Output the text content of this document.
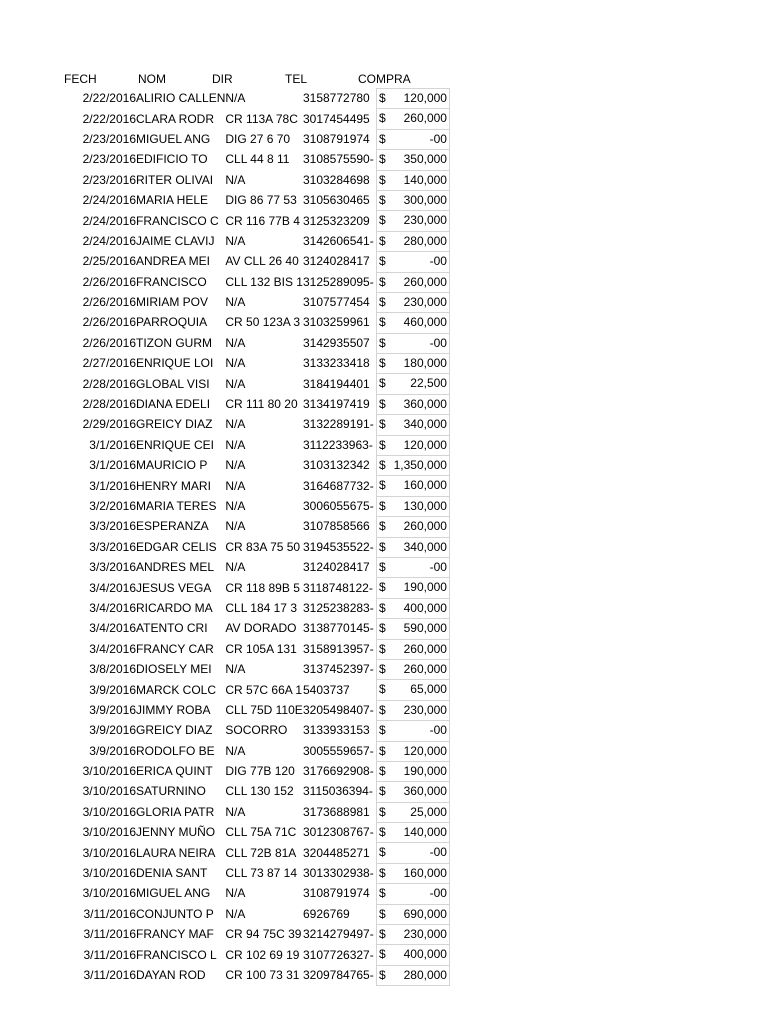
FECH	NOM	DIR	TEL	COMPRA
2/22/2016	ALIRIO CALLEN	N/A	3158772780	$ 120,000

2/22/2016	CLARA RODR	CR 113A 78C	3017454495	$ 260,000

2/23/2016	MIGUEL ANG	DIG 27 6 70	3108791974	$ -00

2/23/2016	EDIFICIO TO	CLL 44 8 11	3108575590-	$ 350,000

2/23/2016	RITER OLIVAI	N/A	3103284698	$ 140,000

2/24/2016	MARIA HELE	DIG 86 77 53	3105630465	$ 300,000

2/24/2016	FRANCISCO C	CR 116 77B 4	3125323209	$ 230,000

2/24/2016	JAIME CLAVIJ	N/A	3142606541-	$ 280,000

2/25/2016	ANDREA MEI	AV CLL 26 40	3124028417	$ -00

2/26/2016	FRANCISCO	CLL 132 BIS 1	3125289095-	$ 260,000

2/26/2016	MIRIAM POV	N/A	3107577454	$ 230,000

2/26/2016	PARROQUIA	CR 50 123A 3	3103259961	$ 460,000

2/26/2016	TIZON GURM	N/A	3142935507	$ -00

2/27/2016	ENRIQUE LOI	N/A	3133233418	$ 180,000

2/28/2016	GLOBAL VISI	N/A	3184194401	$ 22,500

2/28/2016	DIANA EDELI	CR 111 80 20	3134197419	$ 360,000

2/29/2016	GREICY DIAZ	N/A	3132289191-	$ 340,000

3/1/2016	ENRIQUE CEI	N/A	3112233963-	$ 120,000

3/1/2016	MAURICIO P	N/A	3103132342	$ 1,350,000

3/1/2016	HENRY MARI	N/A	3164687732-	$ 160,000

3/2/2016	MARIA TERES	N/A	3006055675-	$ 130,000

3/3/2016	ESPERANZA	N/A	3107858566	$ 260,000

3/3/2016	EDGAR CELIS	CR 83A 75 50	3194535522-	$ 340,000

3/3/2016	ANDRES MEL	N/A	3124028417	$ -00

3/4/2016	JESUS VEGA	CR 118 89B 5	3118748122-	$ 190,000

3/4/2016	RICARDO MA	CLL 184 17 3	3125238283-	$ 400,000

3/4/2016	ATENTO CRI	AV DORADO	3138770145-	$ 590,000

3/4/2016	FRANCY CAR	CR 105A 131	3158913957-	$ 260,000

3/8/2016	DIOSELY MEI	N/A	3137452397-	$ 260,000

3/9/2016	MARCK COLC	CR 57C 66A 1	5403737	$ 65,000

3/9/2016	JIMMY ROBA	CLL 75D 110E	3205498407-	$ 230,000

3/9/2016	GREICY DIAZ	SOCORRO	3133933153	$ -00

3/9/2016	RODOLFO BE	N/A	3005559657-	$ 120,000

3/10/2016	ERICA QUINT	DIG 77B 120	3176692908-	$ 190,000

3/10/2016	SATURNINO	CLL 130 152	3115036394-	$ 360,000

3/10/2016	GLORIA PATR	N/A	3173688981	$ 25,000

3/10/2016	JENNY MUÑO	CLL 75A 71C	3012308767-	$ 140,000

3/10/2016	LAURA NEIRA	CLL 72B 81A	3204485271	$ -00

3/10/2016	DENIA SANT	CLL 73 87 14	3013302938-	$ 160,000

3/10/2016	MIGUEL ANG	N/A	3108791974	$ -00

3/11/2016	CONJUNTO P	N/A	6926769	$ 690,000

3/11/2016	FRANCY MAF	CR 94 75C 39	3214279497-	$ 230,000

3/11/2016	FRANCISCO L	CR 102 69 19	3107726327-	$ 400,000

3/11/2016	DAYAN ROD	CR 100 73 31	3209784765-	$ 280,000
